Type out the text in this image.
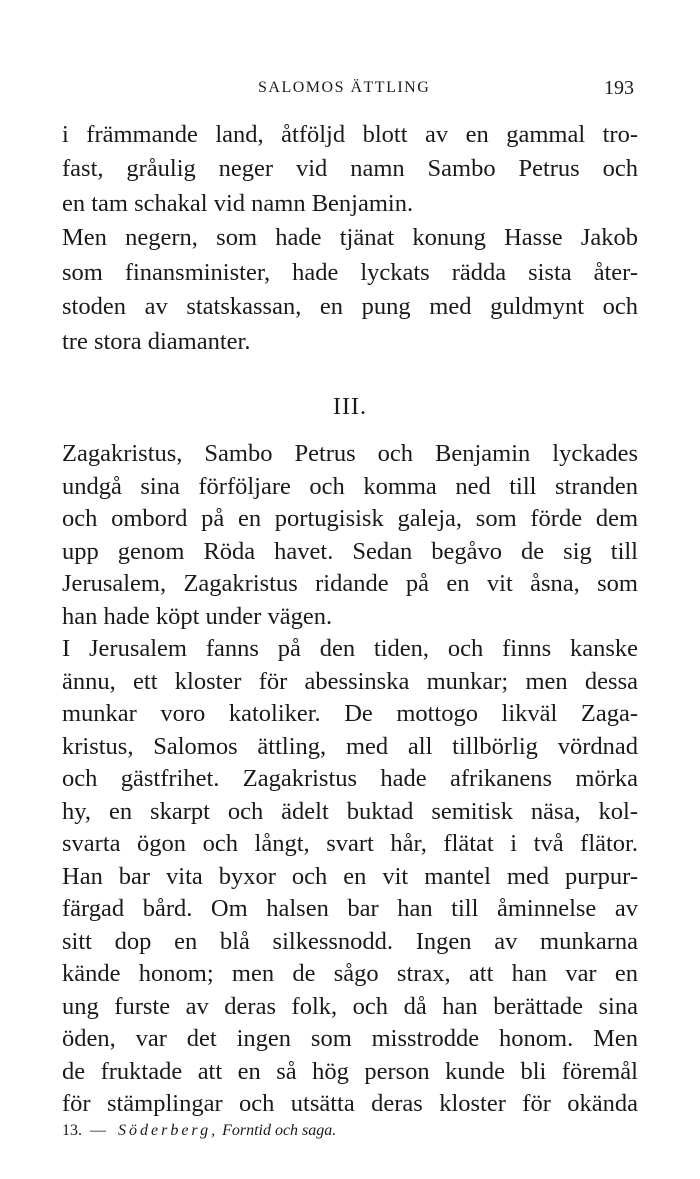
SALOMOS ÄTTLING	193
i främmande land, åtföljd blott av en gammal tro-
fast, gråulig neger vid namn Sambo Petrus och
en tam schakal vid namn Benjamin.
Men negern, som hade tjänat konung Hasse Jakob
som finansminister, hade lyckats rädda sista åter-
stoden av statskassan, en pung med guldmynt och
tre stora diamanter.
III.
Zagakristus, Sambo Petrus och Benjamin lyckades
undgå sina förföljare och komma ned till stranden
och ombord på en portugisisk galeja, som förde dem
upp genom Röda havet. Sedan begåvo de sig till
Jerusalem, Zagakristus ridande på en vit åsna, som
han hade köpt under vägen.
I Jerusalem fanns på den tiden, och finns kanske
ännu, ett kloster för abessinska munkar; men dessa
munkar voro katoliker. De mottogo likväl Zaga-
kristus, Salomos ättling, med all tillbörlig vördnad
och gästfrihet. Zagakristus hade afrikanens mörka
hy, en skarpt och ädelt buktad semitisk näsa, kol-
svarta ögon och långt, svart hår, flätat i två flätor.
Han bar vita byxor och en vit mantel med purpur-
färgad bård. Om halsen bar han till åminnelse av
sitt dop en blå silkessnodd. Ingen av munkarna
kände honom; men de sågo strax, att han var en
ung furste av deras folk, och då han berättade sina
öden, var det ingen som misstrodde honom. Men
de fruktade att en så hög person kunde bli föremål
för stämplingar och utsätta deras kloster för okända
13. — Söderberg, Forntid och saga.
